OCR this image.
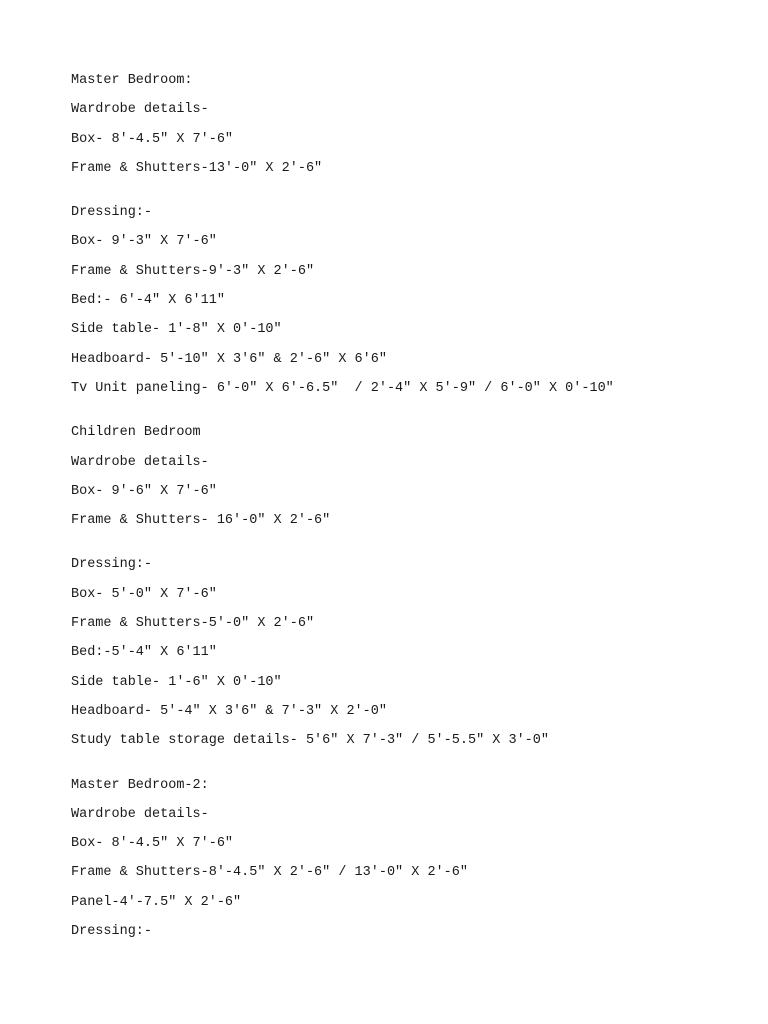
Master Bedroom:
Wardrobe details-
Box- 8'-4.5" X 7'-6"
Frame & Shutters-13'-0" X 2'-6"
Dressing:-
Box- 9'-3" X 7'-6"
Frame & Shutters-9'-3" X 2'-6"
Bed:- 6'-4" X 6'11"
Side table- 1'-8" X 0'-10"
Headboard- 5'-10" X 3'6" & 2'-6" X 6'6"
Tv Unit paneling- 6'-0" X 6'-6.5"  / 2'-4" X 5'-9" / 6'-0" X 0'-10"
Children Bedroom
Wardrobe details-
Box- 9'-6" X 7'-6"
Frame & Shutters- 16'-0" X 2'-6"
Dressing:-
Box- 5'-0" X 7'-6"
Frame & Shutters-5'-0" X 2'-6"
Bed:-5'-4" X 6'11"
Side table- 1'-6" X 0'-10"
Headboard- 5'-4" X 3'6" & 7'-3" X 2'-0"
Study table storage details- 5'6" X 7'-3" / 5'-5.5" X 3'-0"
Master Bedroom-2:
Wardrobe details-
Box- 8'-4.5" X 7'-6"
Frame & Shutters-8'-4.5" X 2'-6" / 13'-0" X 2'-6"
Panel-4'-7.5" X 2'-6"
Dressing:-
